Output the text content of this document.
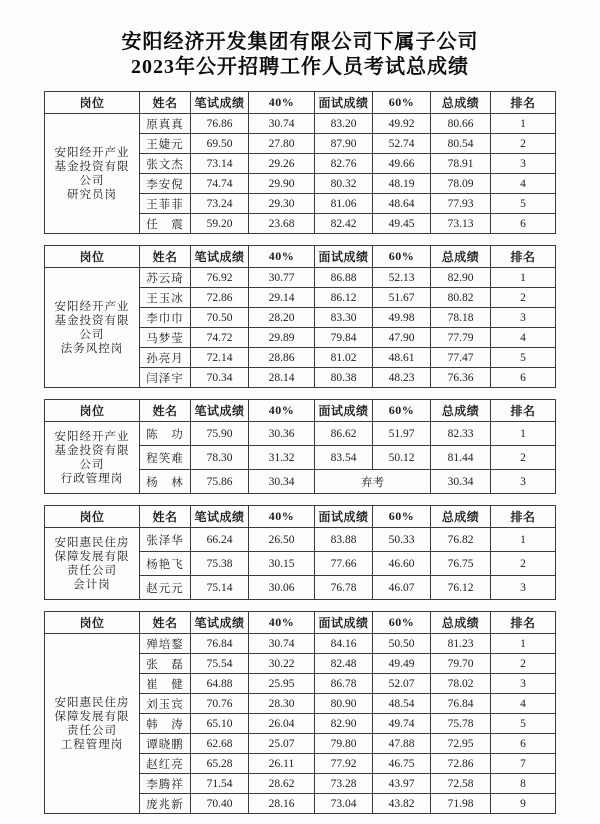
安阳经济开发集团有限公司下属子公司
2023年公开招聘工作人员考试总成绩
岗位	姓名	笔试成绩	40%	面试成绩	60%	总成绩	排名
安阳经开产业
基金投资有限
公司
研究员岗	原真真	76.86	30.74	83.20	49.92	80.66	1
	王婕元	69.50	27.80	87.90	52.74	80.54	2
	张文杰	73.14	29.26	82.76	49.66	78.91	3
	李安倪	74.74	29.90	80.32	48.19	78.09	4
	王菲菲	73.24	29.30	81.06	48.64	77.93	5
	任　震	59.20	23.68	82.42	49.45	73.13	6
岗位	姓名	笔试成绩	40%	面试成绩	60%	总成绩	排名
安阳经开产业
基金投资有限
公司
法务风控岗	苏云琦	76.92	30.77	86.88	52.13	82.90	1
	王玉冰	72.86	29.14	86.12	51.67	80.82	2
	李巾巾	70.50	28.20	83.30	49.98	78.18	3
	马梦莹	74.72	29.89	79.84	47.90	77.79	4
	孙亮月	72.14	28.86	81.02	48.61	77.47	5
	闫泽宇	70.34	28.14	80.38	48.23	76.36	6
岗位	姓名	笔试成绩	40%	面试成绩	60%	总成绩	排名
安阳经开产业
基金投资有限
公司
行政管理岗	陈　功	75.90	30.36	86.62	51.97	82.33	1
	程笑难	78.30	31.32	83.54	50.12	81.44	2
	杨　林	75.86	30.34	弃考		30.34	3
岗位	姓名	笔试成绩	40%	面试成绩	60%	总成绩	排名
安阳惠民住房
保障发展有限
责任公司
会计岗	张泽华	66.24	26.50	83.88	50.33	76.82	1
	杨艳飞	75.38	30.15	77.66	46.60	76.75	2
	赵元元	75.14	30.06	76.78	46.07	76.12	3
岗位	姓名	笔试成绩	40%	面试成绩	60%	总成绩	排名
安阳惠民住房
保障发展有限
责任公司
工程管理岗	殚培鍪	76.84	30.74	84.16	50.50	81.23	1
	张　磊	75.54	30.22	82.48	49.49	79.70	2
	崔　健	64.88	25.95	86.78	52.07	78.02	3
	刘玉宾	70.76	28.30	80.90	48.54	76.84	4
	韩　涛	65.10	26.04	82.90	49.74	75.78	5
	谭晓鹏	62.68	25.07	79.80	47.88	72.95	6
	赵红亮	65.28	26.11	77.92	46.75	72.86	7
	李腾祥	71.54	28.62	73.28	43.97	72.58	8
	庞兆新	70.40	28.16	73.04	43.82	71.98	9
